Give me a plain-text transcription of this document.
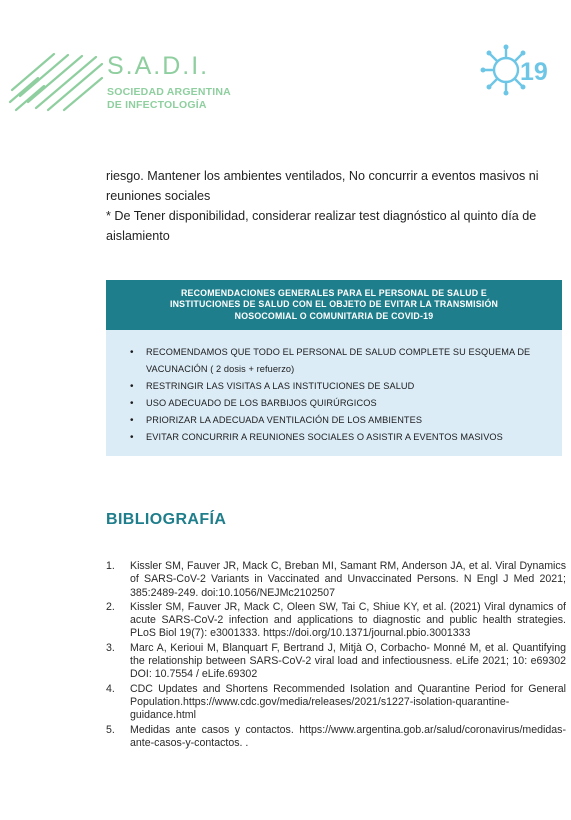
S.A.D.I.
SOCIEDAD ARGENTINA
DE INFECTOLOGÍA
19

riesgo. Mantener los ambientes ventilados, No concurrir a eventos masivos ni

reuniones sociales

* De Tener disponibilidad, considerar realizar test diagnóstico al quinto día de

aislamiento

RECOMENDACIONES GENERALES PARA EL PERSONAL DE SALUD E
INSTITUCIONES DE SALUD CON EL OBJETO DE EVITAR LA TRANSMISIÓN
NOSOCOMIAL O COMUNITARIA DE COVID-19
• RECOMENDAMOS QUE TODO EL PERSONAL DE SALUD COMPLETE SU ESQUEMA DE
VACUNACIÓN ( 2 dosis + refuerzo)
• RESTRINGIR LAS VISITAS A LAS INSTITUCIONES DE SALUD
• USO ADECUADO DE LOS BARBIJOS QUIRÚRGICOS
• PRIORIZAR LA ADECUADA VENTILACIÓN DE LOS AMBIENTES
• EVITAR CONCURRIR A REUNIONES SOCIALES O ASISTIR A EVENTOS MASIVOS
BIBLIOGRAFÍA
1. Kissler SM, Fauver JR, Mack C, Breban MI, Samant RM, Anderson JA, et al. Viral Dynamics of SARS-CoV-2 Variants in Vaccinated and Unvaccinated Persons. N Engl J Med 2021; 385:2489-249. doi:10.1056/NEJMc2102507
2. Kissler SM, Fauver JR, Mack C, Oleen SW, Tai C, Shiue KY, et al. (2021) Viral dynamics of acute SARS-CoV-2 infection and applications to diagnostic and public health strategies. PLoS Biol 19(7): e3001333. https://doi.org/10.1371/journal.pbio.3001333
3. Marc A, Kerioui M, Blanquart F, Bertrand J, Mitjà O, Corbacho- Monné M, et al. Quantifying the relationship between SARS-CoV-2 viral load and infectiousness. eLife 2021; 10: e69302 DOI: 10.7554 / eLife.69302
4. CDC Updates and Shortens Recommended Isolation and Quarantine Period for General Population.https://www.cdc.gov/media/releases/2021/s1227-isolation-quarantine-guidance.html
5. Medidas ante casos y contactos. https://www.argentina.gob.ar/salud/coronavirus/medidas-ante-casos-y-contactos. .
